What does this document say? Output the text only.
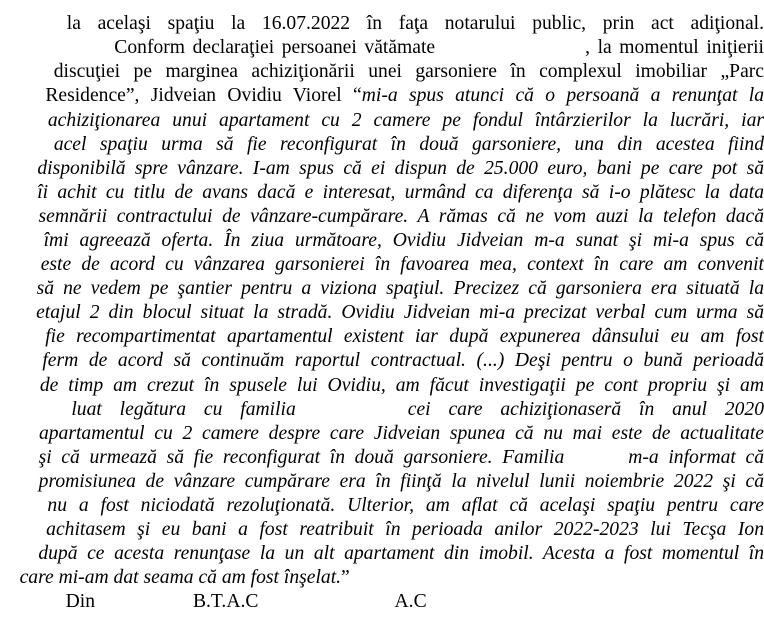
la acelaşi spaţiu la 16.07.2022 în faţa notarului public, prin act adiţional.

Conform declaraţiei persoanei vătămate	, la momentul iniţierii

discuţiei pe marginea achiziţionării unei garsoniere în complexul imobiliar „Parc

Residence”, Jidveian Ovidiu Viorel “mi-a spus atunci că o persoană a renunţat la

achiziţionarea unui apartament cu 2 camere pe fondul întârzierilor la lucrări, iar

acel spaţiu urma să fie reconfigurat în două garsoniere, una din acestea fiind

disponibilă spre vânzare. I-am spus că ei dispun de 25.000 euro, bani pe care pot să

îi achit cu titlu de avans dacă e interesat, urmând ca diferenţa să i-o plătesc la data

semnării contractului de vânzare-cumpărare. A rămas că ne vom auzi la telefon dacă

îmi agreează oferta. În ziua următoare, Ovidiu Jidveian m-a sunat şi mi-a spus că

este de acord cu vânzarea garsonierei în favoarea mea, context în care am convenit

să ne vedem pe şantier pentru a viziona spaţiul. Precizez că garsoniera era situată la

etajul 2 din blocul situat la stradă. Ovidiu Jidveian mi-a precizat verbal cum urma să

fie recompartimentat apartamentul existent iar după expunerea dânsului eu am fost

ferm de acord să continuăm raportul contractual. (...) Deşi pentru o bună perioadă

de timp am crezut în spusele lui Ovidiu, am făcut investigaţii pe cont propriu şi am

luat legătura cu familia	cei care achiziţionaseră în anul 2020

apartamentul cu 2 camere despre care Jidveian spunea că nu mai este de actualitate

şi că urmează să fie reconfigurat în două garsoniere. Familia	m-a informat că

promisiunea de vânzare cumpărare era în fiinţă la nivelul lunii noiembrie 2022 şi că

nu a fost niciodată rezoluţionată. Ulterior, am aflat că acelaşi spaţiu pentru care

achitasem şi eu bani a fost reatribuit în perioada anilor 2022-2023 lui Tecşa Ion

după ce acesta renunţase la un alt apartament din imobil. Acesta a fost momentul în

care mi-am dat seama că am fost înşelat.”

Din                    B.T.A.C                            A.C
